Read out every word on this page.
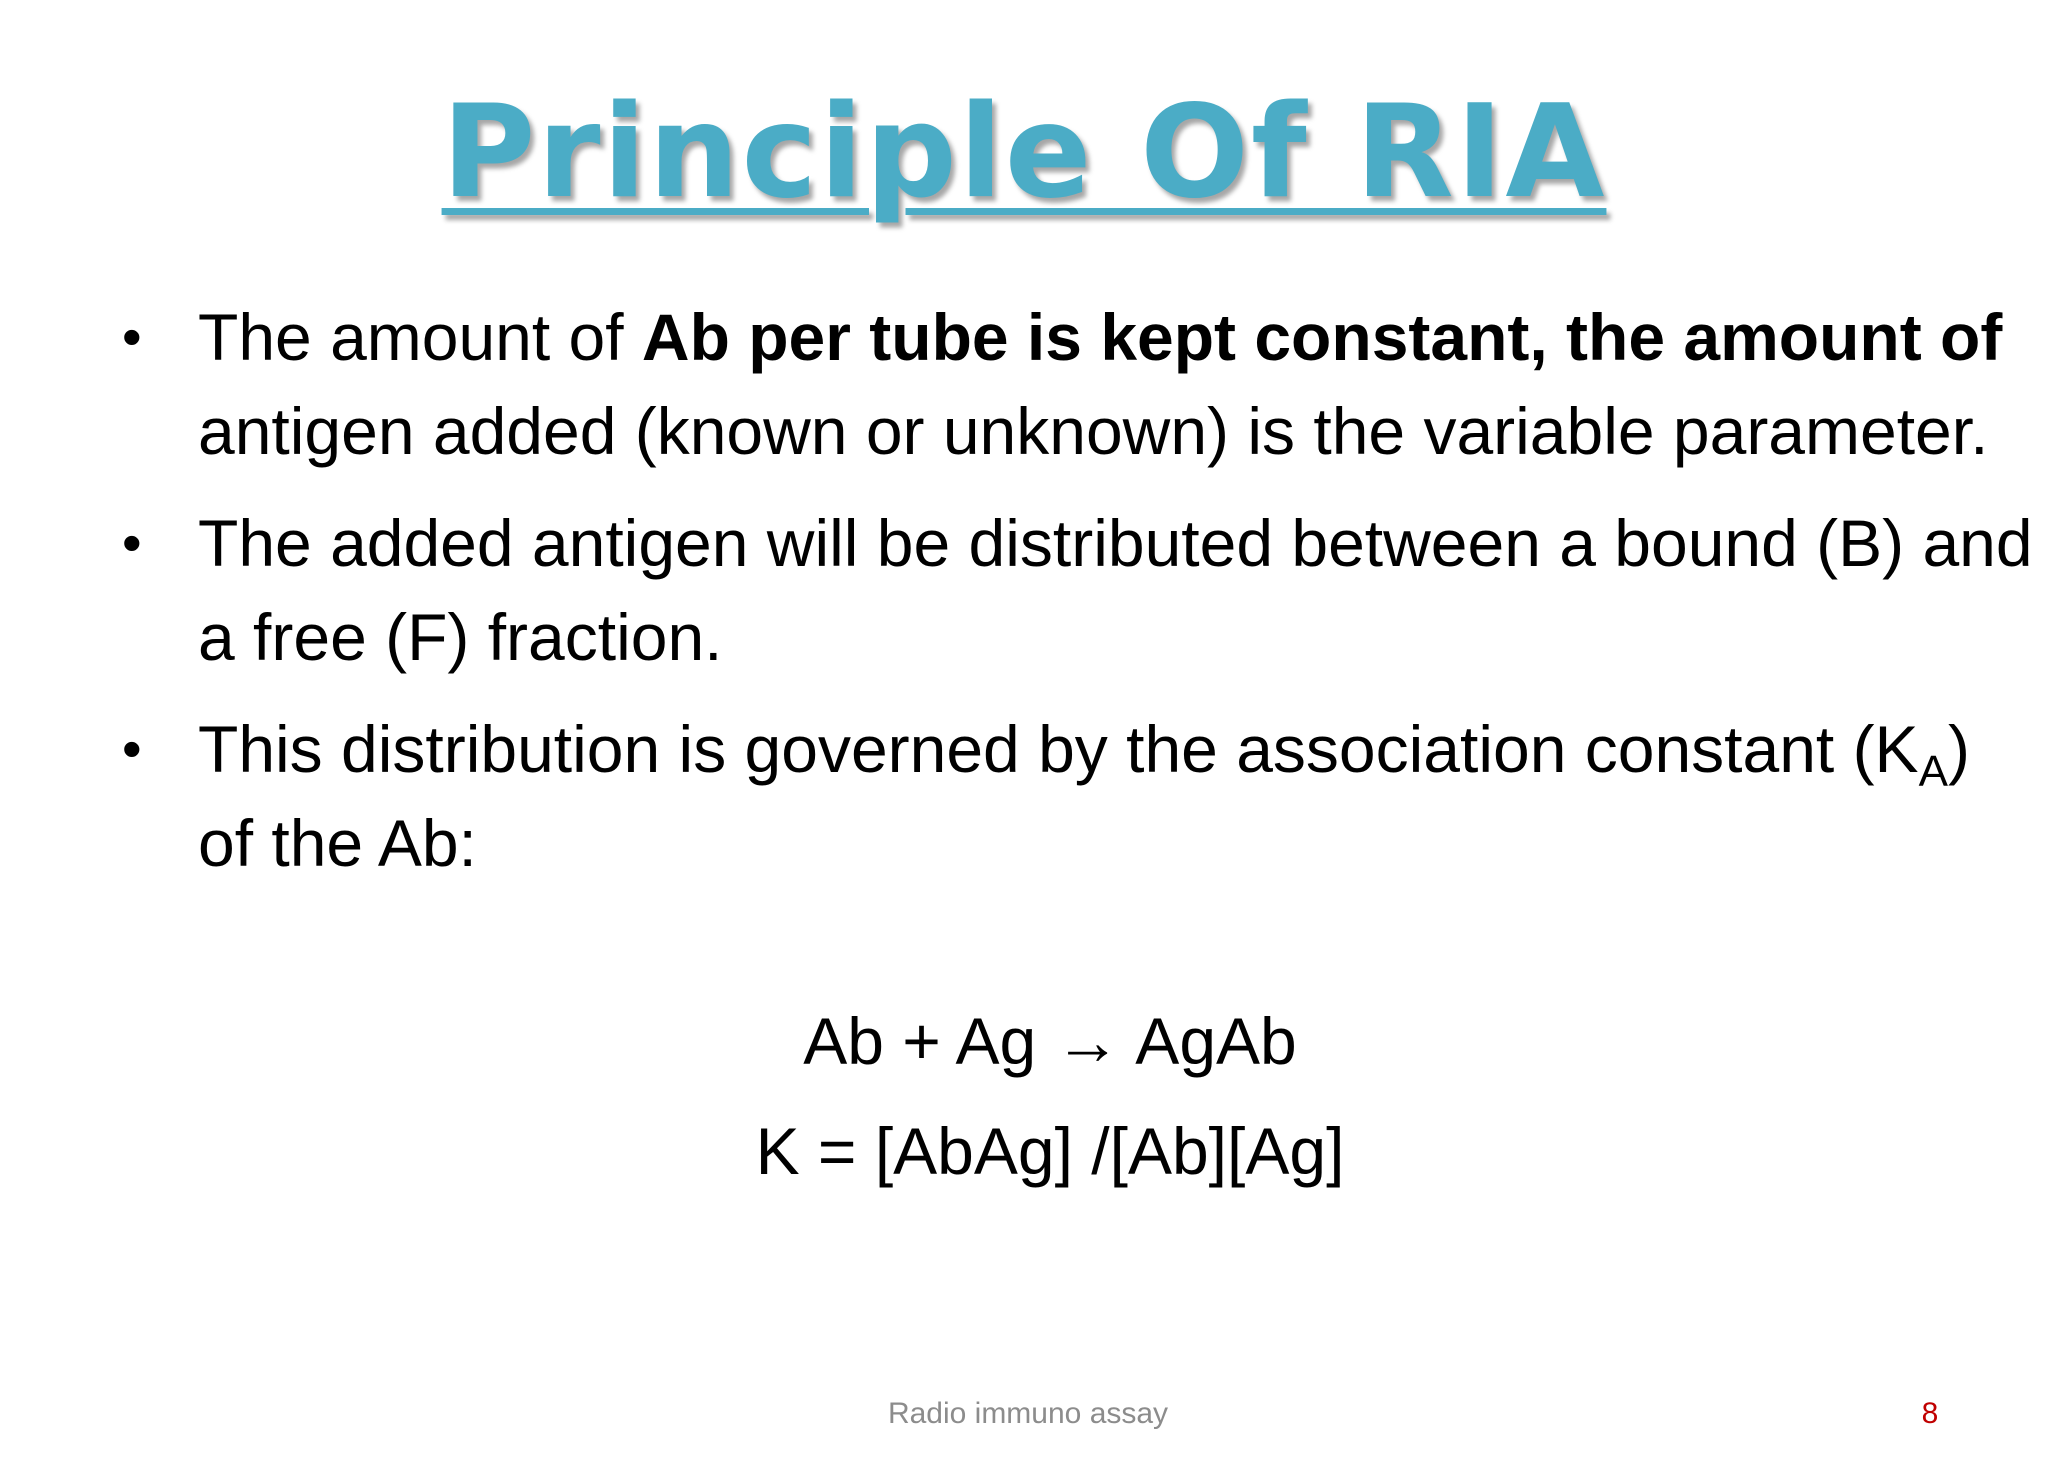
Principle Of RIA
• The amount of Ab per tube is kept constant, the amount of antigen added (known or unknown) is the variable parameter.
• The added antigen will be distributed between a bound (B) and a free (F) fraction.
• This distribution is governed by the association constant $(K_A)$ of the Ab:
Ab + Ag → AgAb
K = [AbAg] /[Ab][Ag]
Radio immuno assay	8
